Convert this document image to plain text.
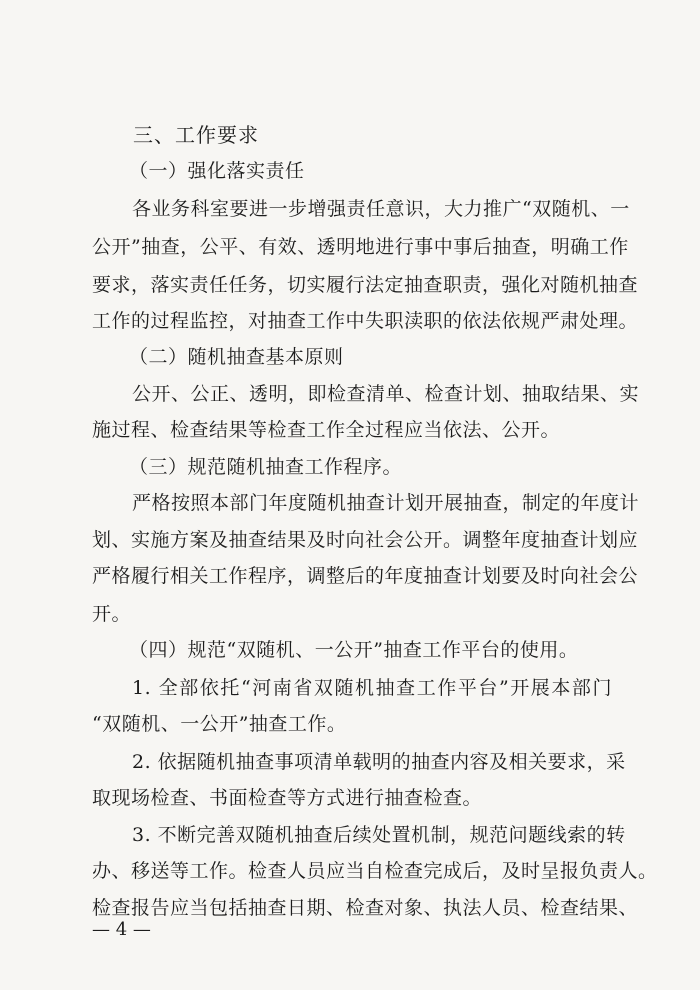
三、工作要求
（一）强化落实责任
各业务科室要进一步增强责任意识，大力推广“双随机、一
公开”抽查，公平、有效、透明地进行事中事后抽查，明确工作
要求，落实责任任务，切实履行法定抽查职责，强化对随机抽查
工作的过程监控，对抽查工作中失职渎职的依法依规严肃处理。
（二）随机抽查基本原则
公开、公正、透明，即检查清单、检查计划、抽取结果、实
施过程、检查结果等检查工作全过程应当依法、公开。
（三）规范随机抽查工作程序。
严格按照本部门年度随机抽查计划开展抽查，制定的年度计
划、实施方案及抽查结果及时向社会公开。调整年度抽查计划应
严格履行相关工作程序，调整后的年度抽查计划要及时向社会公
开。
（四）规范“双随机、一公开”抽查工作平台的使用。
1. 全部依托“河南省双随机抽查工作平台”开展本部门
“双随机、一公开”抽查工作。
2. 依据随机抽查事项清单载明的抽查内容及相关要求，采
取现场检查、书面检查等方式进行抽查检查。
3. 不断完善双随机抽查后续处置机制，规范问题线索的转
办、移送等工作。检查人员应当自检查完成后，及时呈报负责人。
检查报告应当包括抽查日期、检查对象、执法人员、检查结果、
— 4 —
